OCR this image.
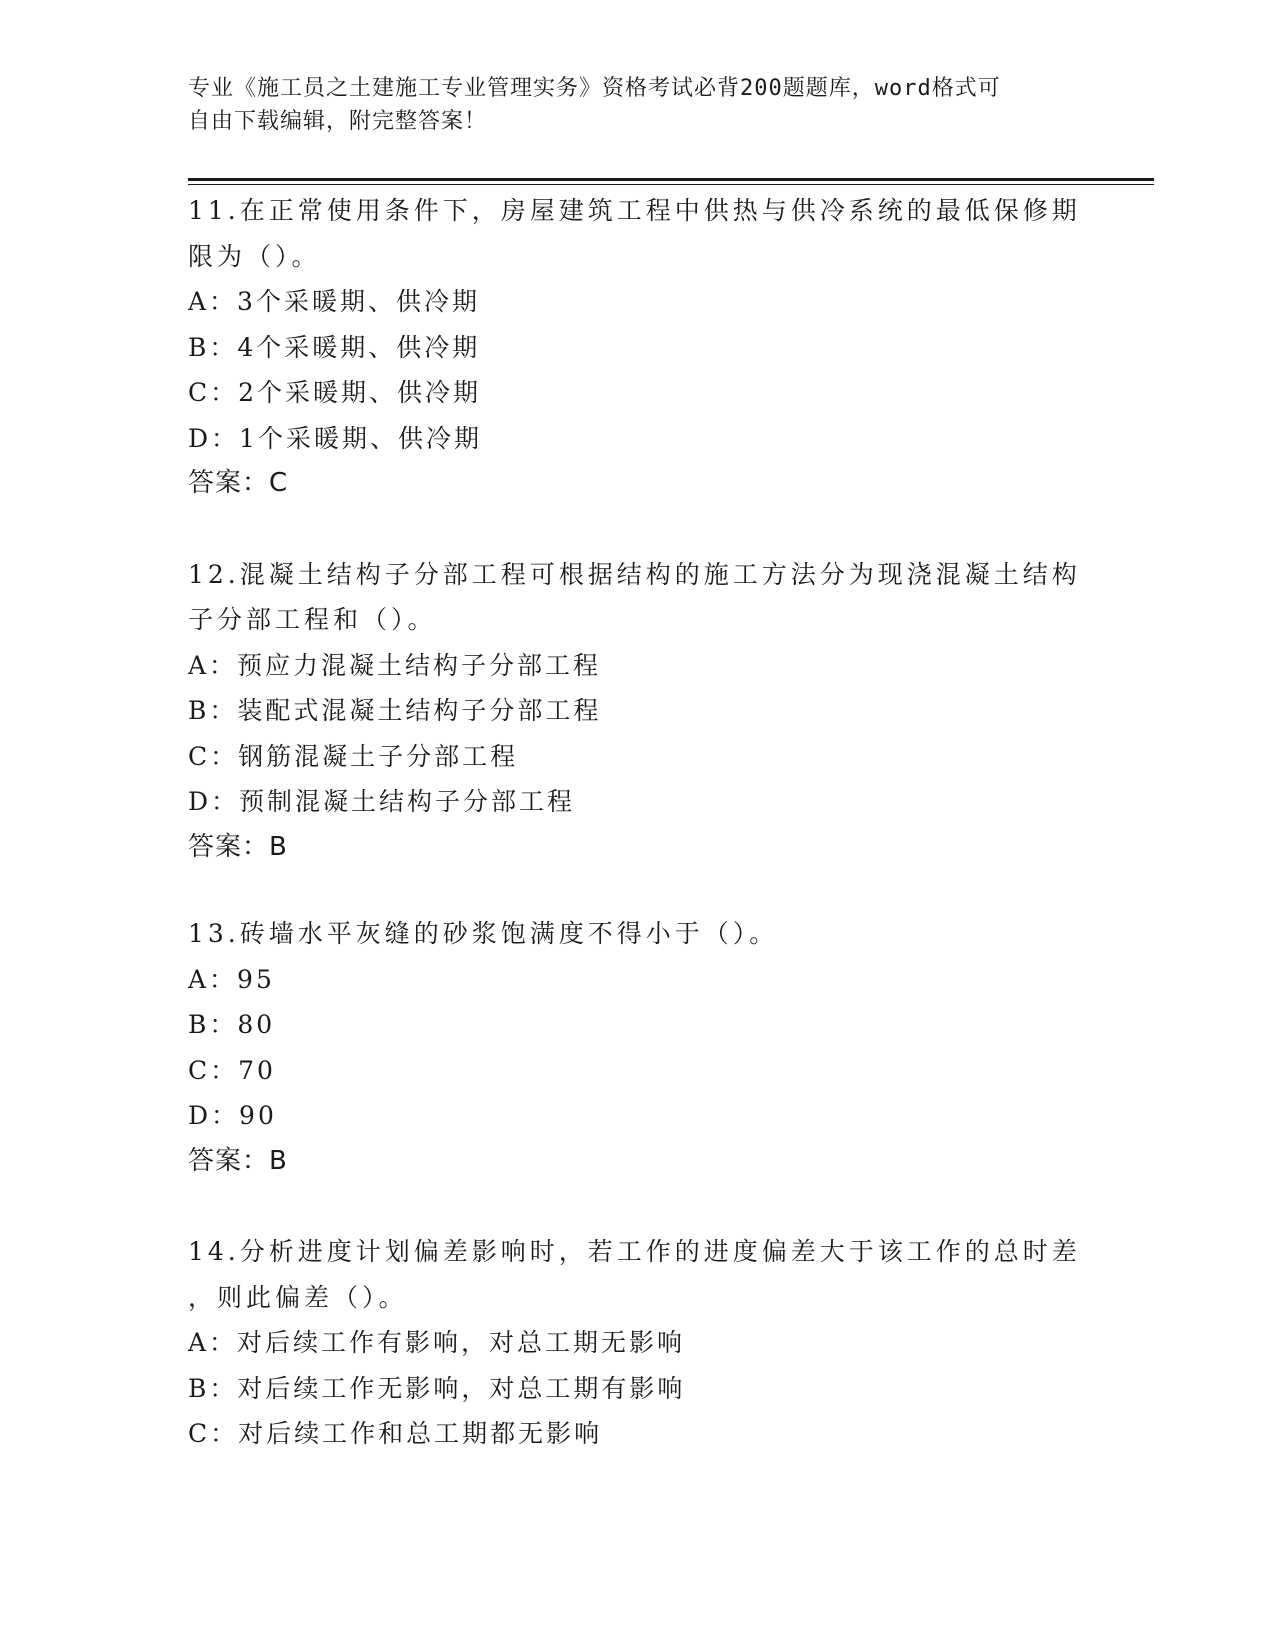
专业《施工员之土建施工专业管理实务》资格考试必背200题题库，word格式可
自由下载编辑，附完整答案！

11.在正常使用条件下，房屋建筑工程中供热与供冷系统的最低保修期

限为（）。

A：3个采暖期、供冷期

B：4个采暖期、供冷期

C：2个采暖期、供冷期

D：1个采暖期、供冷期

答案：C

12.混凝土结构子分部工程可根据结构的施工方法分为现浇混凝土结构

子分部工程和（）。

A：预应力混凝土结构子分部工程

B：装配式混凝土结构子分部工程

C：钢筋混凝土子分部工程

D：预制混凝土结构子分部工程

答案：B

13.砖墙水平灰缝的砂浆饱满度不得小于（）。

A：95

B：80

C：70

D：90

答案：B

14.分析进度计划偏差影响时，若工作的进度偏差大于该工作的总时差

，则此偏差（）。

A：对后续工作有影响，对总工期无影响

B：对后续工作无影响，对总工期有影响

C：对后续工作和总工期都无影响
